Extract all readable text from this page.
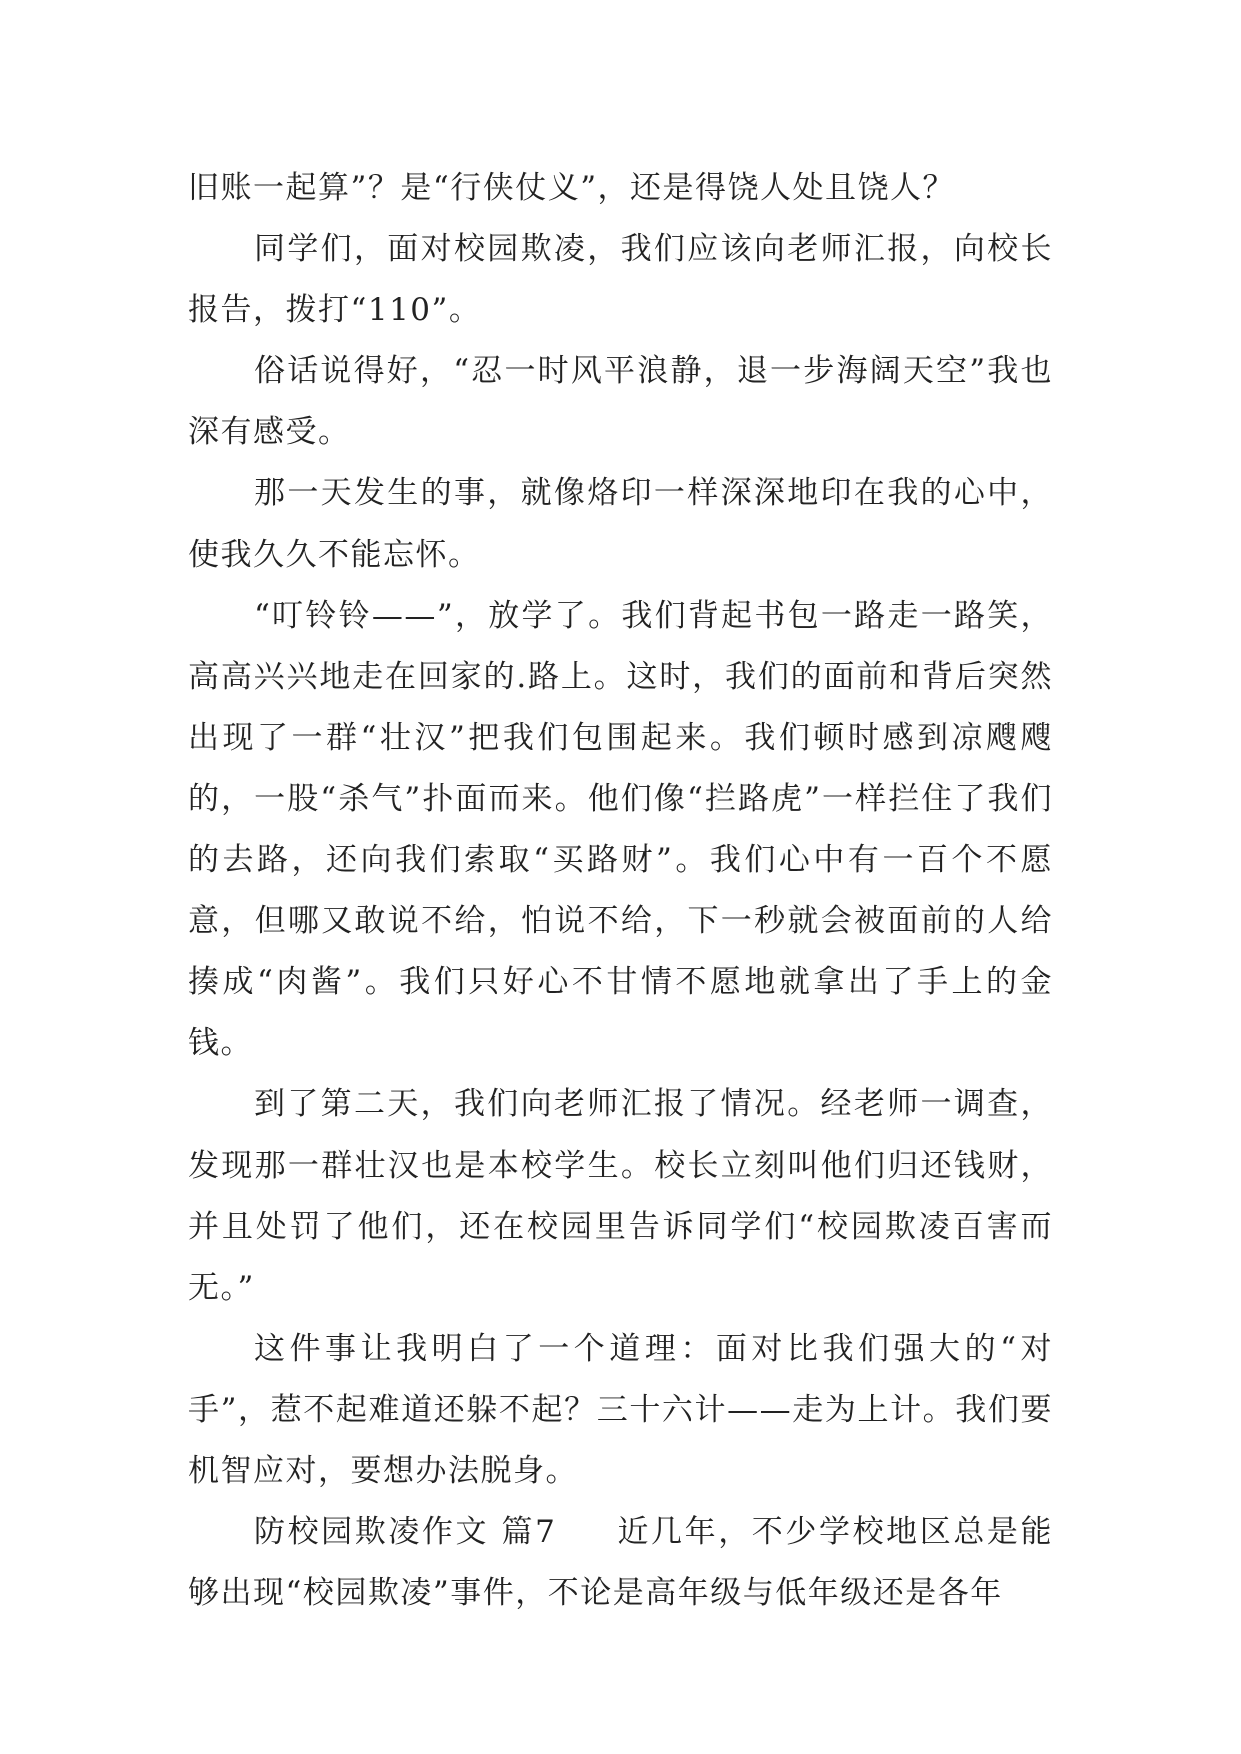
旧账一起算”？是“行侠仗义”，还是得饶人处且饶人？

同学们，面对校园欺凌，我们应该向老师汇报，向校长报告，拨打“110”。

俗话说得好，“忍一时风平浪静，退一步海阔天空”我也深有感受。

那一天发生的事，就像烙印一样深深地印在我的心中，使我久久不能忘怀。

“叮铃铃——”，放学了。我们背起书包一路走一路笑，高高兴兴地走在回家的.路上。这时，我们的面前和背后突然出现了一群“壮汉”把我们包围起来。我们顿时感到凉飕飕的，一股“杀气”扑面而来。他们像“拦路虎”一样拦住了我们的去路，还向我们索取“买路财”。我们心中有一百个不愿意，但哪又敢说不给，怕说不给，下一秒就会被面前的人给揍成“肉酱”。我们只好心不甘情不愿地就拿出了手上的金钱。

到了第二天，我们向老师汇报了情况。经老师一调查，发现那一群壮汉也是本校学生。校长立刻叫他们归还钱财，并且处罚了他们，还在校园里告诉同学们“校园欺凌百害而无。”

这件事让我明白了一个道理：面对比我们强大的“对手”，惹不起难道还躲不起？三十六计——走为上计。我们要机智应对，要想办法脱身。

防校园欺凌作文 篇7 近几年，不少学校地区总是能够出现“校园欺凌”事件，不论是高年级与低年级还是各年
